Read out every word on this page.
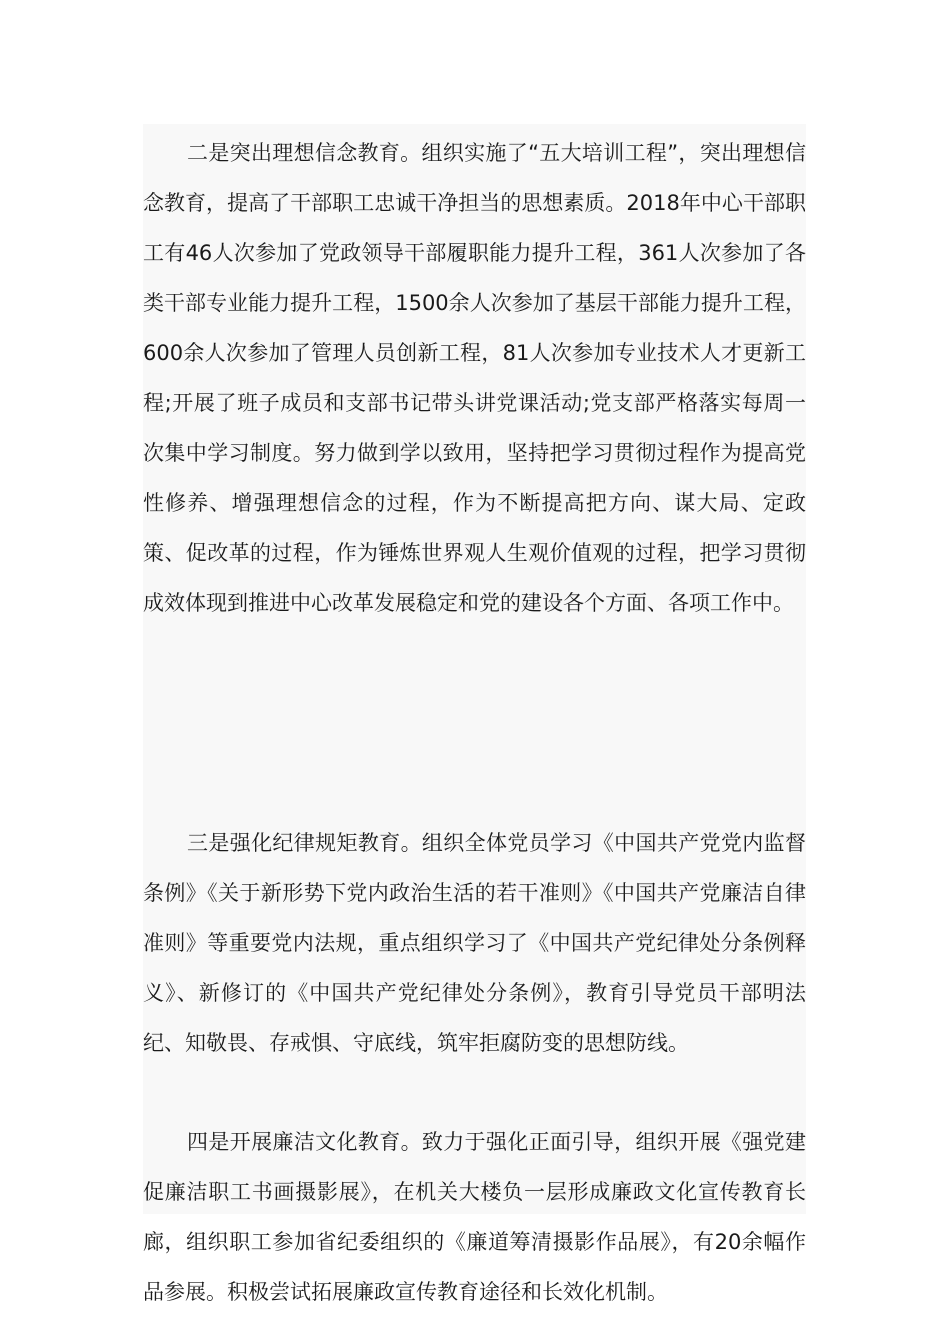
二是突出理想信念教育。组织实施了“五大培训工程”，突出理想信念教育，提高了干部职工忠诚干净担当的思想素质。2018年中心干部职工有46人次参加了党政领导干部履职能力提升工程，361人次参加了各类干部专业能力提升工程，1500余人次参加了基层干部能力提升工程，600余人次参加了管理人员创新工程，81人次参加专业技术人才更新工程;开展了班子成员和支部书记带头讲党课活动;党支部严格落实每周一次集中学习制度。努力做到学以致用，坚持把学习贯彻过程作为提高党性修养、增强理想信念的过程，作为不断提高把方向、谋大局、定政策、促改革的过程，作为锤炼世界观人生观价值观的过程，把学习贯彻成效体现到推进中心改革发展稳定和党的建设各个方面、各项工作中。

三是强化纪律规矩教育。组织全体党员学习《中国共产党党内监督条例》《关于新形势下党内政治生活的若干准则》《中国共产党廉洁自律准则》等重要党内法规，重点组织学习了《中国共产党纪律处分条例释义》、新修订的《中国共产党纪律处分条例》，教育引导党员干部明法纪、知敬畏、存戒惧、守底线，筑牢拒腐防变的思想防线。

四是开展廉洁文化教育。致力于强化正面引导，组织开展《强党建促廉洁职工书画摄影展》，在机关大楼负一层形成廉政文化宣传教育长廊，组织职工参加省纪委组织的《廉道筹清摄影作品展》，有20余幅作品参展。积极尝试拓展廉政宣传教育途径和长效化机制。
